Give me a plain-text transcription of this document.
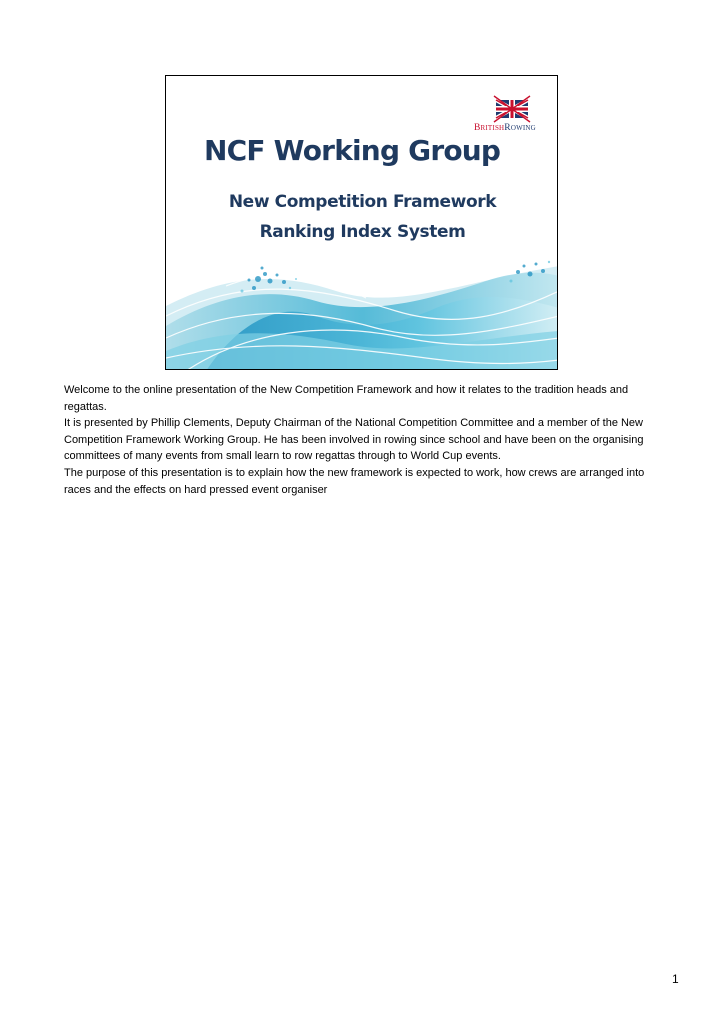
BritishRowing
NCF Working Group
New Competition Framework
Ranking Index System

Welcome to the online presentation of the New Competition Framework and how it relates to the tradition heads and regattas.

It is presented by Phillip Clements, Deputy Chairman of the National Competition Committee and a member of the New Competition Framework Working Group. He has been involved in rowing since school and have been on the organising committees of many events from small learn to row regattas through to World Cup events.

The purpose of this presentation is to explain how the new framework is expected to work, how crews are arranged into races and the effects on hard pressed event organiser

1
